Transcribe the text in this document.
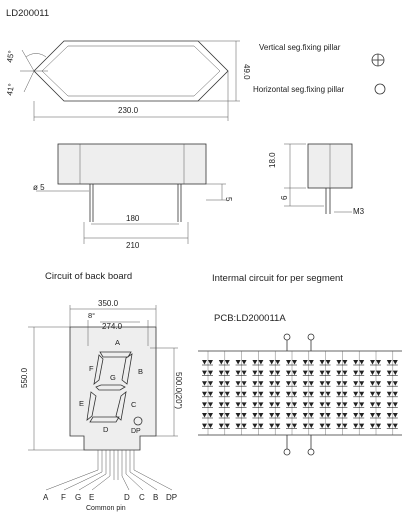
LD200011
45°
41°
230.0
49.0
Vertical seg.fixing pillar
Horizontal seg.fixing pillar
ø 5
5
180
210
18.0
6
M3
Circuit of back board
350.0
274.0
8°
550.0	500.0(20")
A
B
C
D
E
F
G
DP
A F G E	D C B DP
Common pin
Intermal circuit for per segment
PCB:LD200011A
